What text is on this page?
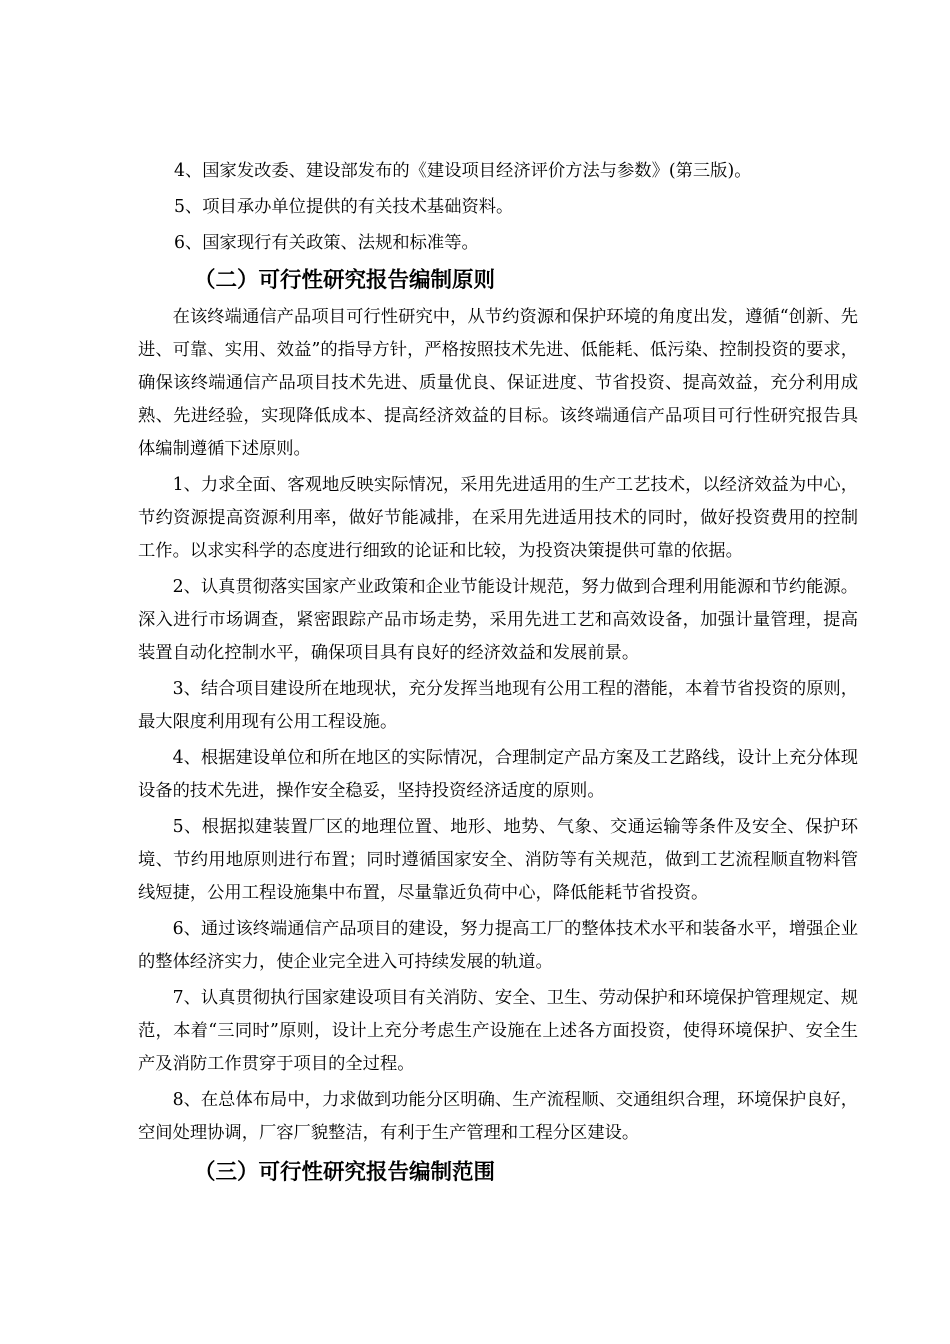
4、国家发改委、建设部发布的《建设项目经济评价方法与参数》(第三版)。

5、项目承办单位提供的有关技术基础资料。

6、国家现行有关政策、法规和标准等。

（二）可行性研究报告编制原则

在该终端通信产品项目可行性研究中，从节约资源和保护环境的角度出发，遵循“创新、先进、可靠、实用、效益”的指导方针，严格按照技术先进、低能耗、低污染、控制投资的要求，确保该终端通信产品项目技术先进、质量优良、保证进度、节省投资、提高效益，充分利用成熟、先进经验，实现降低成本、提高经济效益的目标。该终端通信产品项目可行性研究报告具体编制遵循下述原则。

1、力求全面、客观地反映实际情况，采用先进适用的生产工艺技术，以经济效益为中心，节约资源提高资源利用率，做好节能减排，在采用先进适用技术的同时，做好投资费用的控制工作。以求实科学的态度进行细致的论证和比较，为投资决策提供可靠的依据。

2、认真贯彻落实国家产业政策和企业节能设计规范，努力做到合理利用能源和节约能源。深入进行市场调查，紧密跟踪产品市场走势，采用先进工艺和高效设备，加强计量管理，提高装置自动化控制水平，确保项目具有良好的经济效益和发展前景。

3、结合项目建设所在地现状，充分发挥当地现有公用工程的潜能，本着节省投资的原则，最大限度利用现有公用工程设施。

4、根据建设单位和所在地区的实际情况，合理制定产品方案及工艺路线，设计上充分体现设备的技术先进，操作安全稳妥，坚持投资经济适度的原则。

5、根据拟建装置厂区的地理位置、地形、地势、气象、交通运输等条件及安全、保护环境、节约用地原则进行布置；同时遵循国家安全、消防等有关规范，做到工艺流程顺直物料管线短捷，公用工程设施集中布置，尽量靠近负荷中心，降低能耗节省投资。

6、通过该终端通信产品项目的建设，努力提高工厂的整体技术水平和装备水平，增强企业的整体经济实力，使企业完全进入可持续发展的轨道。

7、认真贯彻执行国家建设项目有关消防、安全、卫生、劳动保护和环境保护管理规定、规范，本着“三同时”原则，设计上充分考虑生产设施在上述各方面投资，使得环境保护、安全生产及消防工作贯穿于项目的全过程。

8、在总体布局中，力求做到功能分区明确、生产流程顺、交通组织合理，环境保护良好，空间处理协调，厂容厂貌整洁，有利于生产管理和工程分区建设。

（三）可行性研究报告编制范围
